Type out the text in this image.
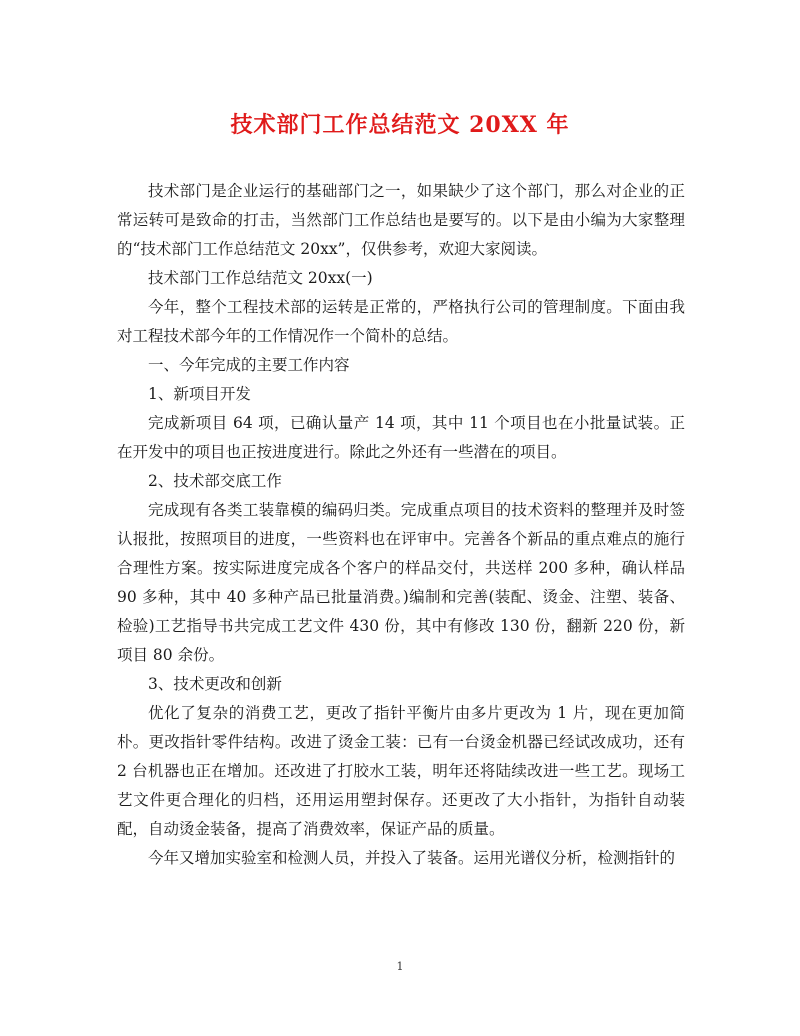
技术部门工作总结范文 20XX 年

技术部门是企业运行的基础部门之一，如果缺少了这个部门，那么对企业的正常运转可是致命的打击，当然部门工作总结也是要写的。以下是由小编为大家整理的“技术部门工作总结范文 20xx”，仅供参考，欢迎大家阅读。

技术部门工作总结范文 20xx(一)

今年，整个工程技术部的运转是正常的，严格执行公司的管理制度。下面由我对工程技术部今年的工作情况作一个简朴的总结。

一、今年完成的主要工作内容

1、新项目开发

完成新项目 64 项，已确认量产 14 项，其中 11 个项目也在小批量试装。正在开发中的项目也正按进度进行。除此之外还有一些潜在的项目。

2、技术部交底工作

完成现有各类工装靠模的编码归类。完成重点项目的技术资料的整理并及时签认报批，按照项目的进度，一些资料也在评审中。完善各个新品的重点难点的施行合理性方案。按实际进度完成各个客户的样品交付，共送样 200 多种，确认样品 90 多种，其中 40 多种产品已批量消费。)编制和完善(装配、烫金、注塑、装备、检验)工艺指导书共完成工艺文件 430 份，其中有修改 130 份，翻新 220 份，新项目 80 余份。

3、技术更改和创新

优化了复杂的消费工艺，更改了指针平衡片由多片更改为 1 片，现在更加简朴。更改指针零件结构。改进了烫金工装：已有一台烫金机器已经试改成功，还有 2 台机器也正在增加。还改进了打胶水工装，明年还将陆续改进一些工艺。现场工艺文件更合理化的归档，还用运用塑封保存。还更改了大小指针，为指针自动装配，自动烫金装备，提高了消费效率，保证产品的质量。

今年又增加实验室和检测人员，并投入了装备。运用光谱仪分析，检测指针的

1
